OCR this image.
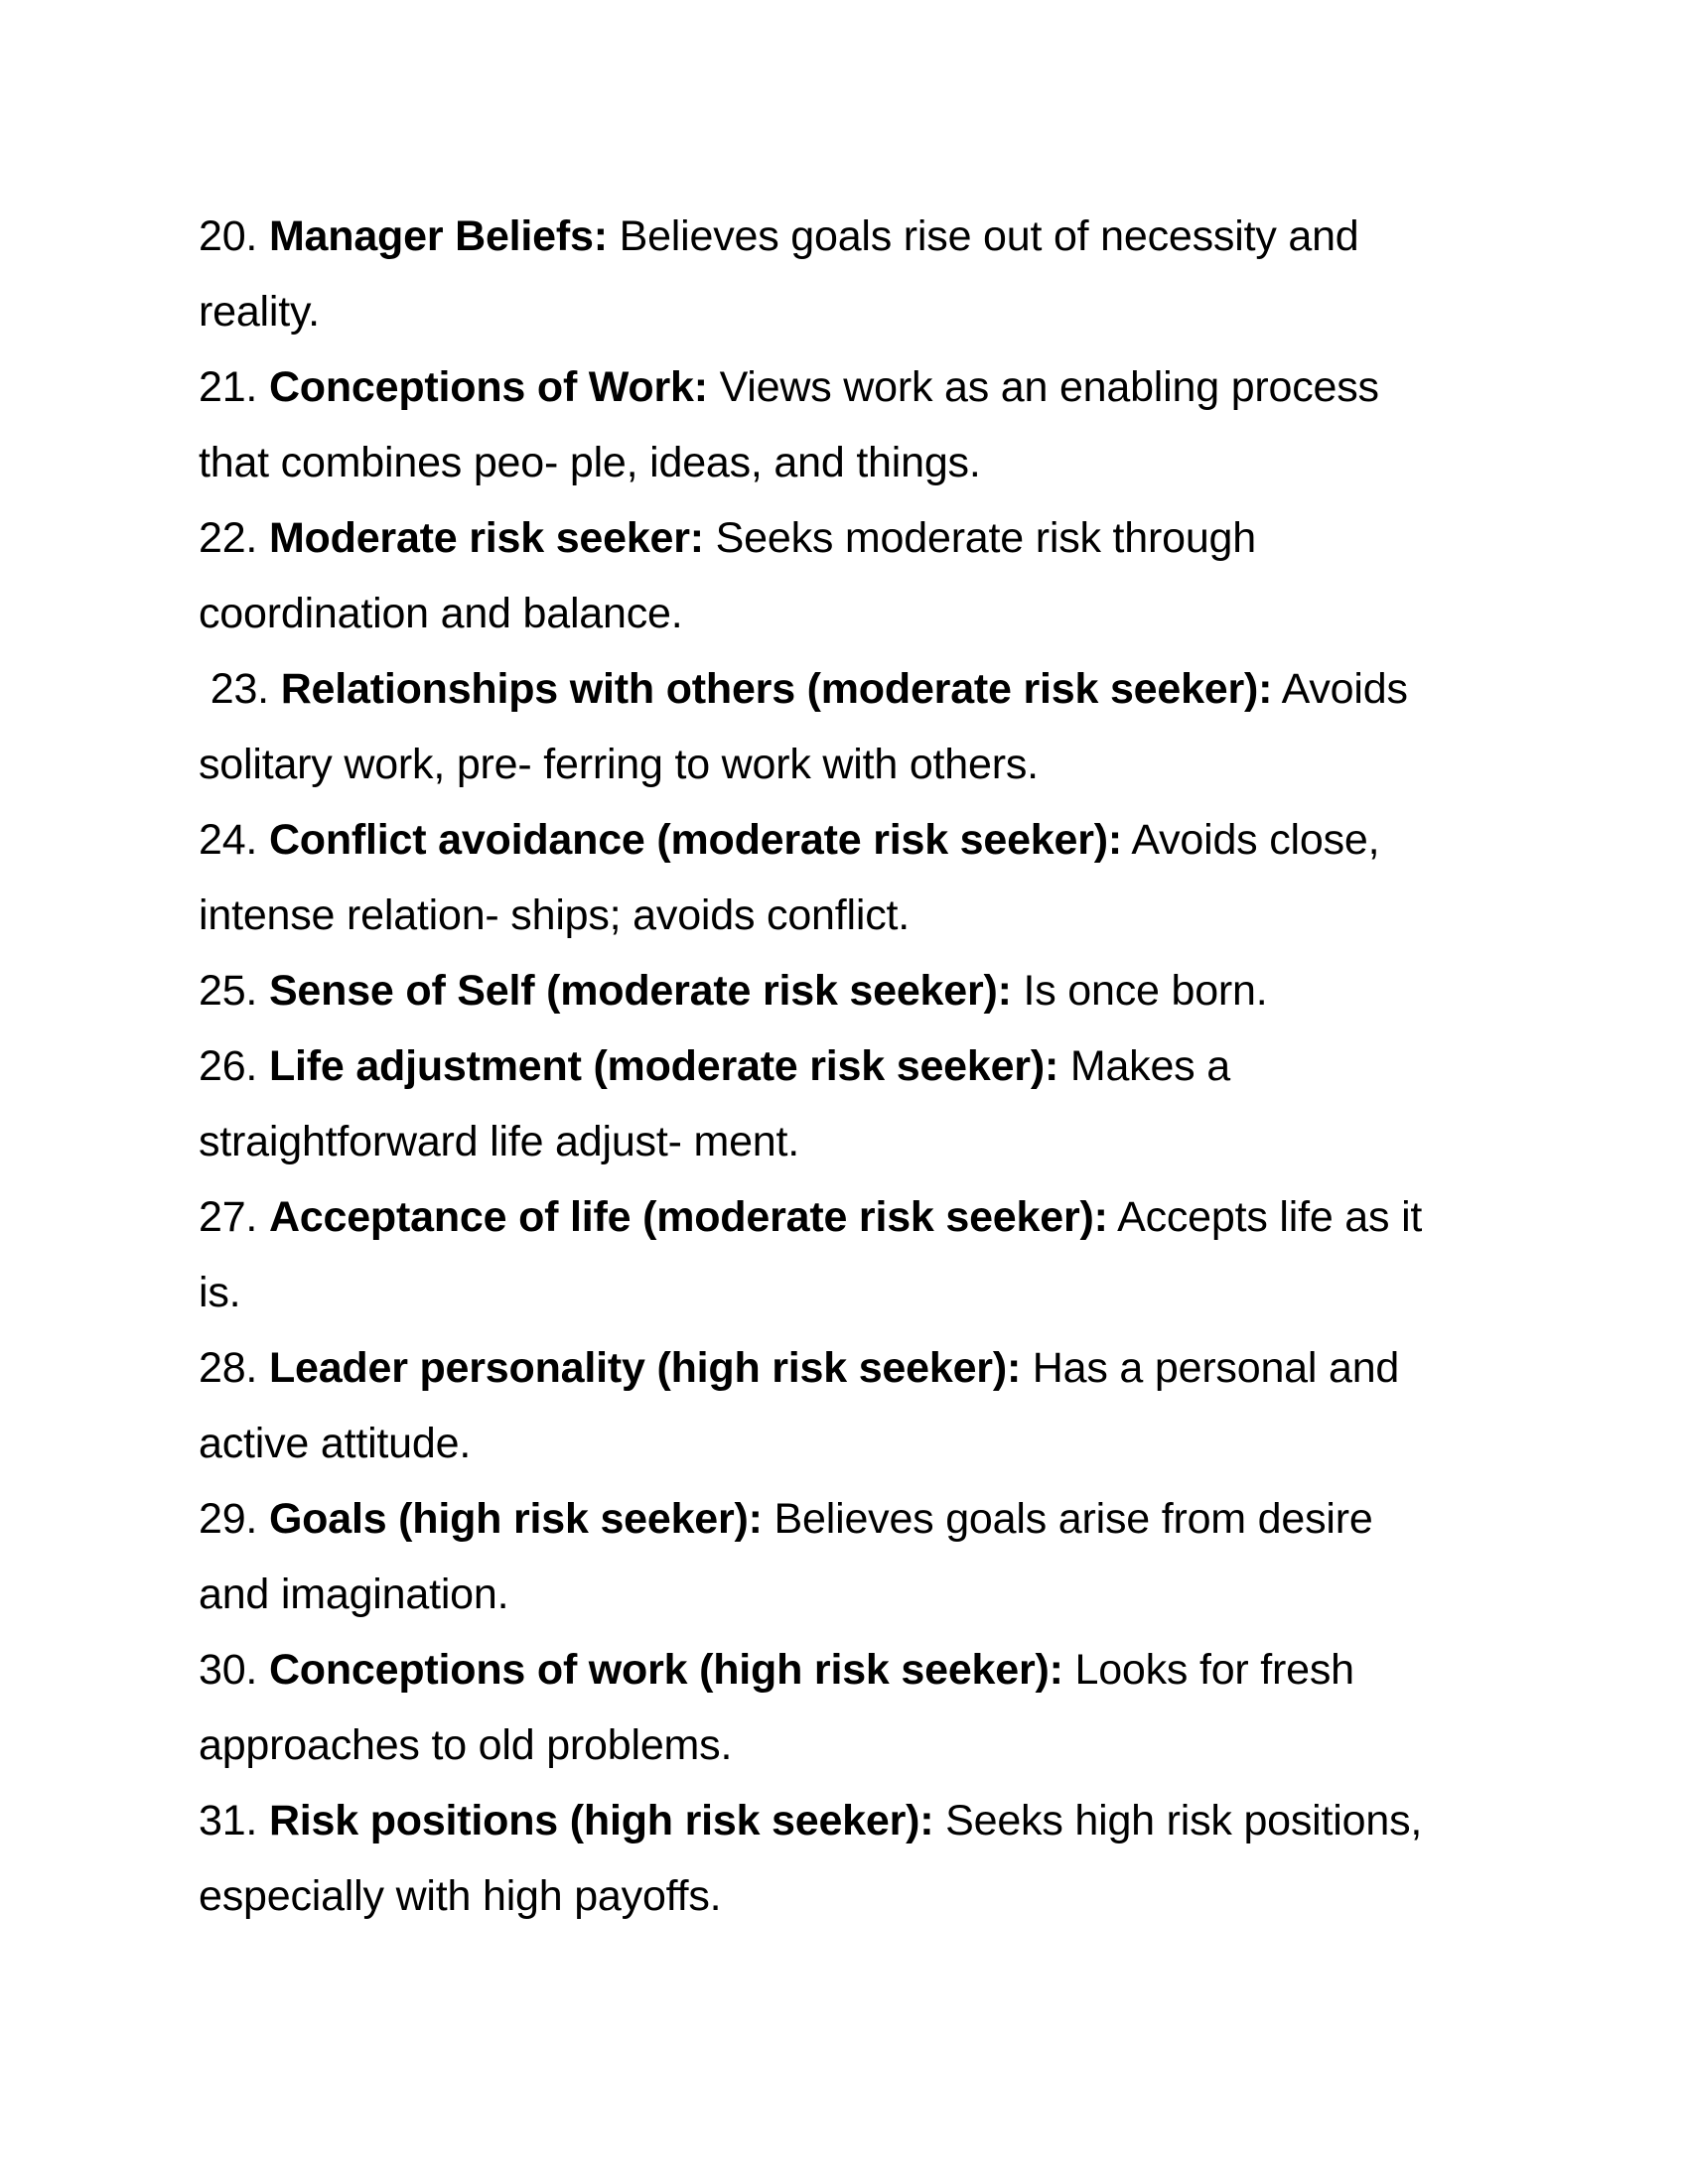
20. Manager Beliefs: Believes goals rise out of necessity and
reality.
21. Conceptions of Work: Views work as an enabling process
that combines peo- ple, ideas, and things.
22. Moderate risk seeker: Seeks moderate risk through
coordination and balance.
23. Relationships with others (moderate risk seeker): Avoids
solitary work, pre- ferring to work with others.
24. Conflict avoidance (moderate risk seeker): Avoids close,
intense relation- ships; avoids conflict.
25. Sense of Self (moderate risk seeker): Is once born.
26. Life adjustment (moderate risk seeker): Makes a
straightforward life adjust- ment.
27. Acceptance of life (moderate risk seeker): Accepts life as it
is.
28. Leader personality (high risk seeker): Has a personal and
active attitude.
29. Goals (high risk seeker): Believes goals arise from desire
and imagination.
30. Conceptions of work (high risk seeker): Looks for fresh
approaches to old problems.
31. Risk positions (high risk seeker): Seeks high risk positions,
especially with high payoffs.
